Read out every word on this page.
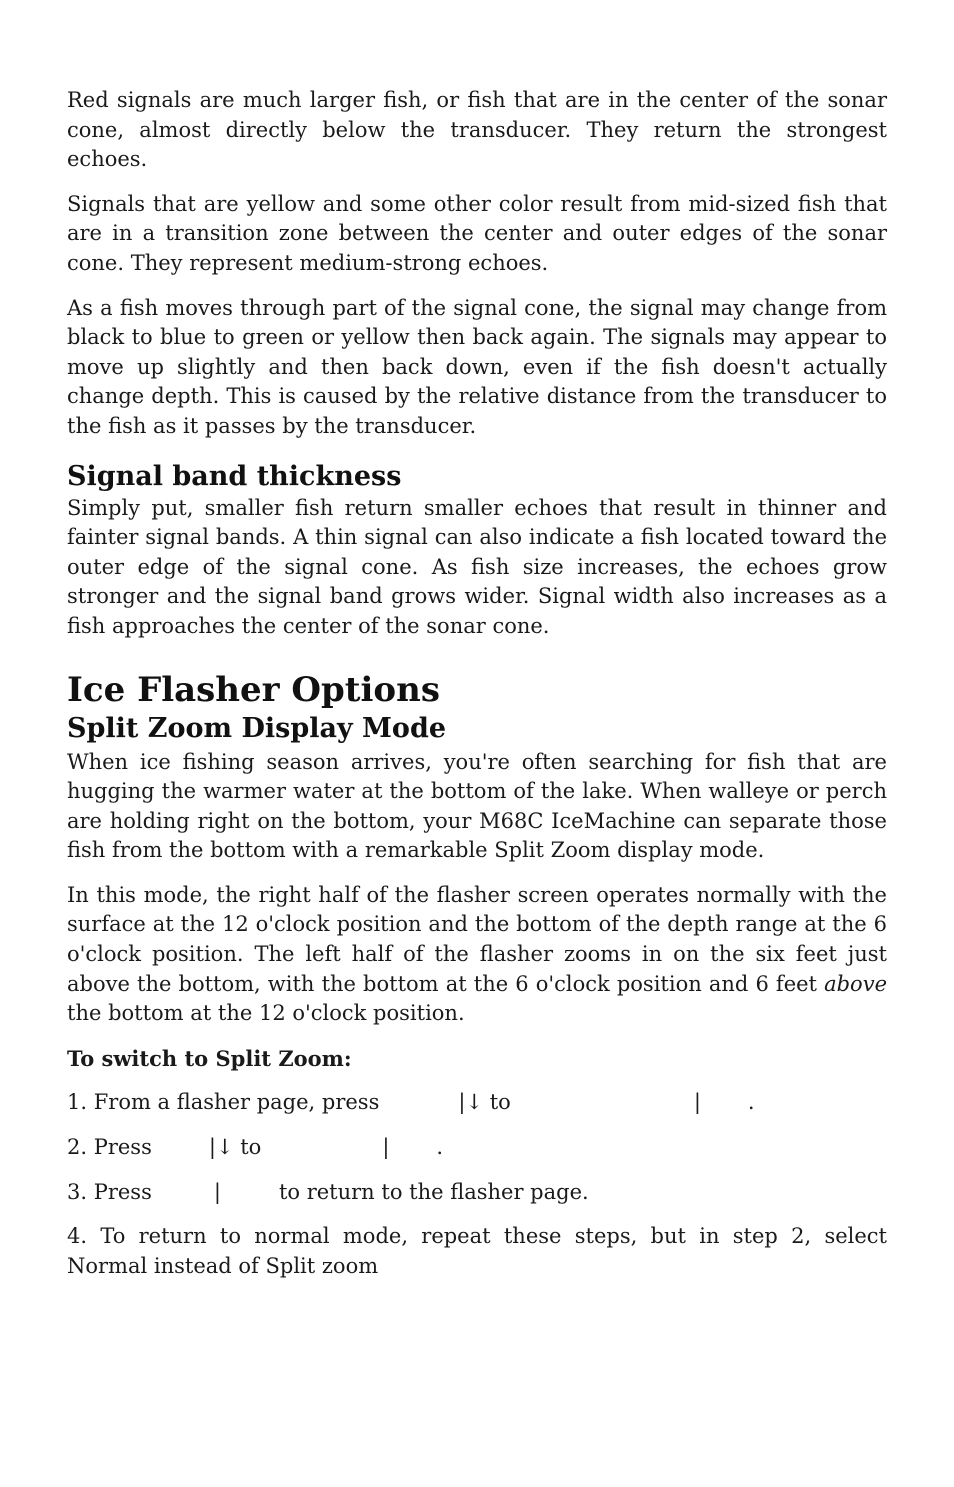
Red signals are much larger fish, or fish that are in the center of the sonar cone, almost directly below the transducer. They return the strongest echoes.

Signals that are yellow and some other color result from mid-sized fish that are in a transition zone between the center and outer edges of the sonar cone. They represent medium-strong echoes.

As a fish moves through part of the signal cone, the signal may change from black to blue to green or yellow then back again. The signals may appear to move up slightly and then back down, even if the fish doesn't actually change depth. This is caused by the relative distance from the transducer to the fish as it passes by the transducer.

Signal band thickness

Simply put, smaller fish return smaller echoes that result in thinner and fainter signal bands. A thin signal can also indicate a fish located toward the outer edge of the signal cone. As fish size increases, the echoes grow stronger and the signal band grows wider. Signal width also increases as a fish approaches the center of the sonar cone.

Ice Flasher Options
Split Zoom Display Mode

When ice fishing season arrives, you're often searching for fish that are hugging the warmer water at the bottom of the lake. When walleye or perch are holding right on the bottom, your M68C IceMachine can separate those fish from the bottom with a remarkable Split Zoom display mode.

In this mode, the right half of the flasher screen operates normally with the surface at the 12 o'clock position and the bottom of the depth range at the 6 o'clock position. The left half of the flasher zooms in on the six feet just above the bottom, with the bottom at the 6 o'clock position and 6 feet above the bottom at the 12 o'clock position.

To switch to Split Zoom:

1. From a flasher page, press	|↓ to	| .

2. Press	|↓ to	| .

3. Press	|	to return to the flasher page.

4. To return to normal mode, repeat these steps, but in step 2, select Normal instead of Split zoom
